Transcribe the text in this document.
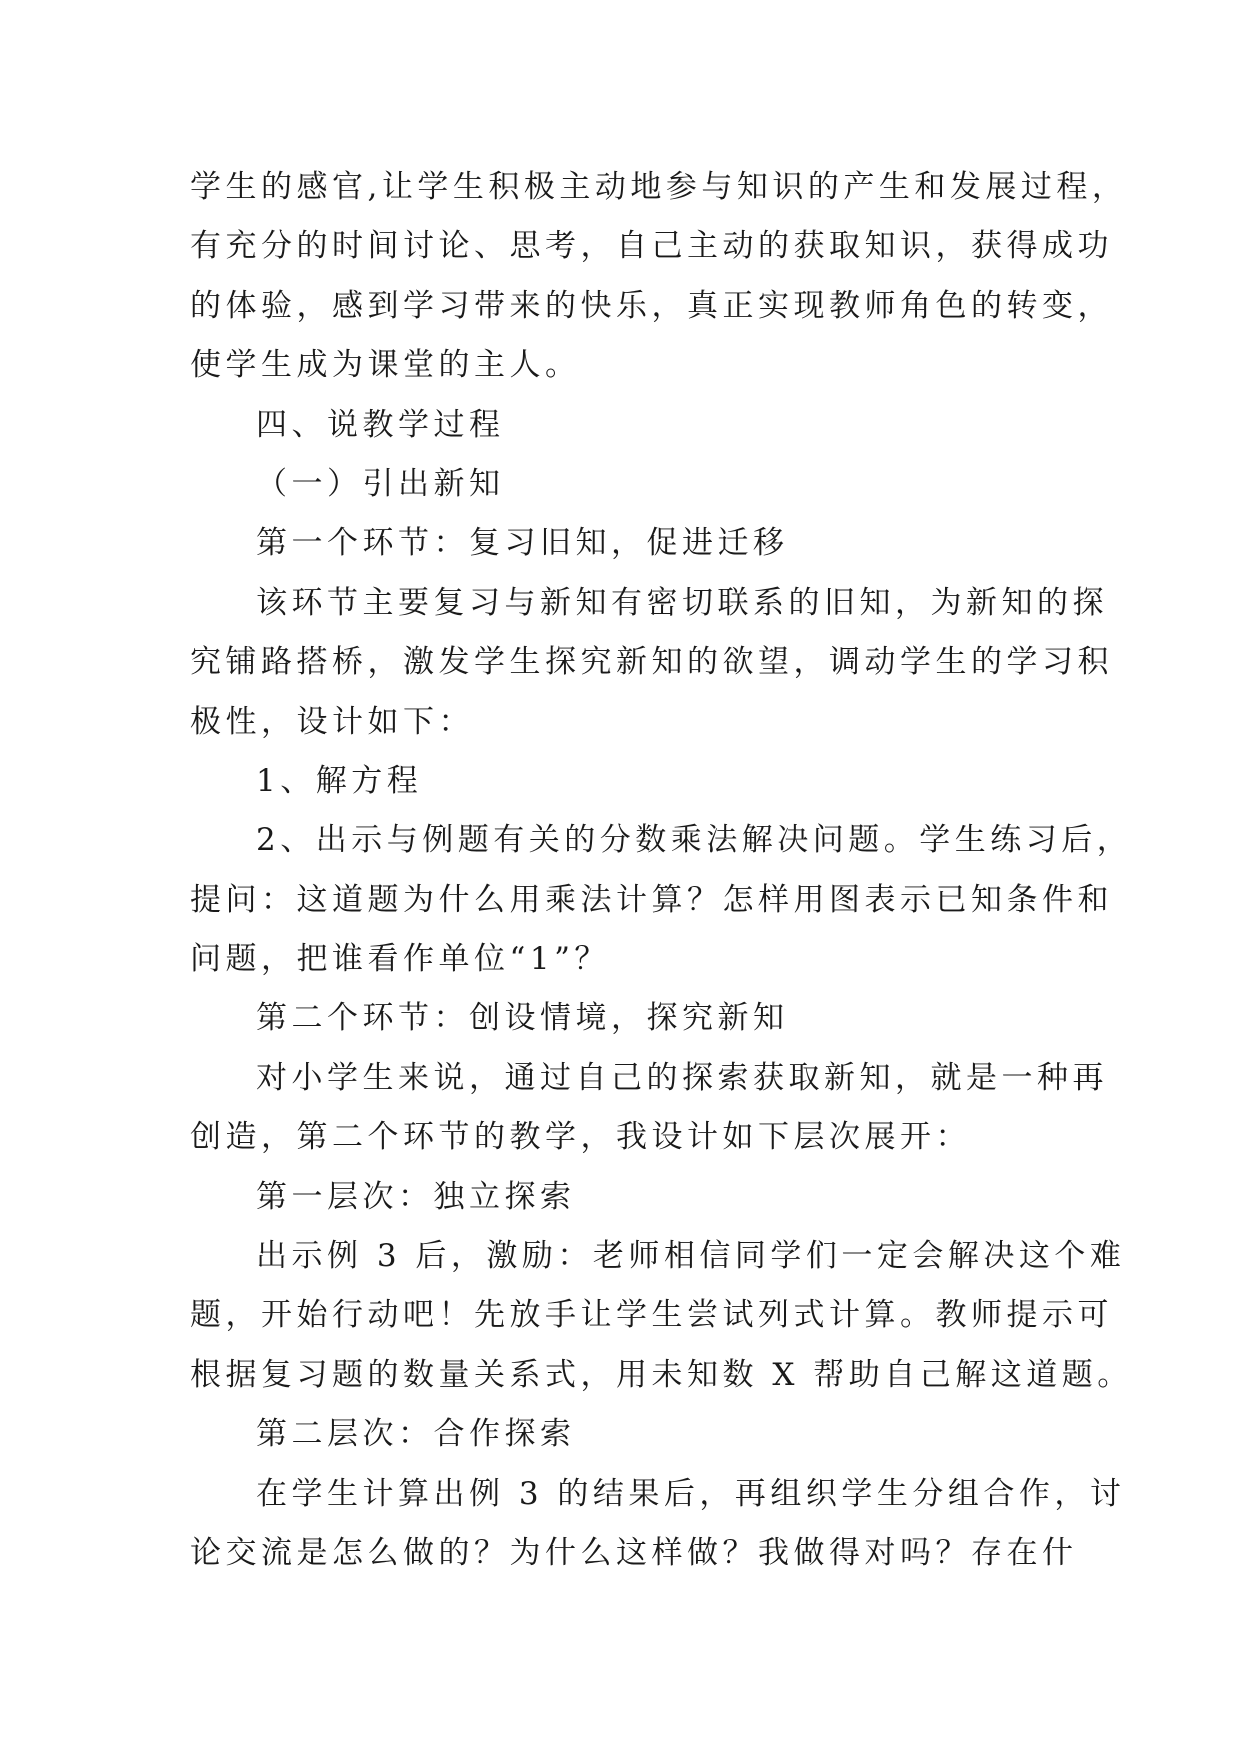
学生的感官,让学生积极主动地参与知识的产生和发展过程，
有充分的时间讨论、思考，自己主动的获取知识，获得成功
的体验，感到学习带来的快乐，真正实现教师角色的转变，
使学生成为课堂的主人。
四、说教学过程
（一）引出新知
第一个环节：复习旧知，促进迁移
该环节主要复习与新知有密切联系的旧知，为新知的探
究铺路搭桥，激发学生探究新知的欲望，调动学生的学习积
极性，设计如下：
1、解方程
2、出示与例题有关的分数乘法解决问题。学生练习后，
提问：这道题为什么用乘法计算？怎样用图表示已知条件和
问题，把谁看作单位“1”？
第二个环节：创设情境，探究新知
对小学生来说，通过自己的探索获取新知，就是一种再
创造，第二个环节的教学，我设计如下层次展开：
第一层次：独立探索
出示例 3 后，激励：老师相信同学们一定会解决这个难
题，开始行动吧！先放手让学生尝试列式计算。教师提示可
根据复习题的数量关系式，用未知数 X 帮助自己解这道题。
第二层次：合作探索
在学生计算出例 3 的结果后，再组织学生分组合作，讨
论交流是怎么做的？为什么这样做？我做得对吗？存在什
